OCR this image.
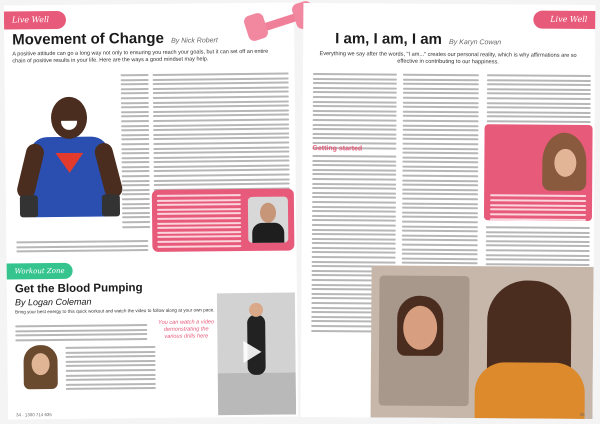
Live Well
Movement of Change By Nick Robert
A positive attitude can go a long way not only to ensuring you reach your goals, but it can set off an entire chain of positive results in your life. Here are the ways a good mindset may help.
Workout Zone
Get the Blood Pumping
By Logan Coleman
Bring your best energy to this quick workout and watch the video to follow along at your own pace.
You can watch a video demonstrating the various drills here
34 · 1300 714 635
Live Well
I am, I am, I am By Karyn Cowan
Everything we say after the words, "I am..." creates our personal reality, which is why affirmations are so effective in contributing to our happiness.
Getting started
35
